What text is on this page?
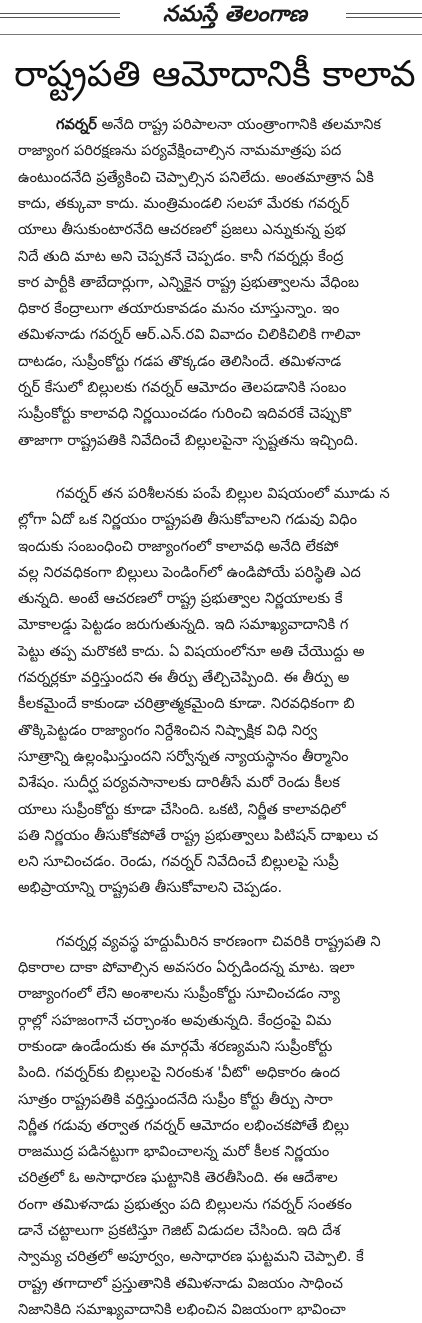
నమస్తే తెలంగాణ
రాష్ట్రపతి ఆమోదానికీ కాలావ
గవర్నర్ అనేది రాష్ట్ర పరిపాలనా యంత్రాంగానికి తలమానిక
రాజ్యాంగ పరిరక్షణను పర్యవేక్షించాల్సిన నామమాత్రపు పద
ఉంటుందనేది ప్రత్యేకించి చెప్పాల్సిన పనిలేదు. అంతమాత్రాన ఏకి
కాదు, తక్కువా కాదు. మంత్రిమండలి సలహా మేరకు గవర్నర్
యాలు తీసుకుంటారనేది ఆచరణలో ప్రజలు ఎన్నుకున్న ప్రభ
నిదే తుది మాట అని చెప్పకనే చెప్పడం. కానీ గవర్నర్లు కేంద్ర
కార పార్టీకి తాబేదార్లుగా, ఎన్నికైన రాష్ట్ర ప్రభుత్వాలను వేధింబ
ధికార కేంద్రాలుగా తయారుకావడం మనం చూస్తున్నాం. ఇం
తమిళనాడు గవర్నర్ ఆర్.ఎన్.రవి వివాదం చిలికిచిలికి గాలివా
దాటడం, సుప్రీంకోర్టు గడప తొక్కడం తెలిసిందే. తమిళనాడ
ర్నర్ కేసులో బిల్లులకు గవర్నర్ ఆమోదం తెలపడానికి సంబం
సుప్రీంకోర్టు కాలావధి నిర్ణయించడం గురించి ఇదివరకే చెప్పుకొ
తాజాగా రాష్ట్రపతికి నివేదించే బిల్లులపైనా స్పష్టతను ఇచ్చింది.
గవర్నర్ తన పరిశీలనకు పంపే బిల్లుల విషయంలో మూడు న
ల్లోగా ఏదో ఒక నిర్ణయం రాష్ట్రపతి తీసుకోవాలని గడువు విధిం
ఇందుకు సంబంధించి రాజ్యాంగంలో కాలావధి అనేది లేకపో
వల్ల నిరవధికంగా బిల్లులు పెండింగ్‌లో ఉండిపోయే పరిస్థితి ఎద
తున్నది. అంటే ఆచరణలో రాష్ట్ర ప్రభుత్వాల నిర్ణయాలకు కే
మోకాలడ్డు పెట్టడం జరుగుతున్నది. ఇది సమాఖ్యవాదానికి గ
పెట్టు తప్ప మరొకటి కాదు. ఏ విషయంలోనూ అతి చేయొద్దు అ
గవర్నర్లకూ వర్తిస్తుందని ఈ తీర్పు తేల్చిచెప్పింది. ఈ తీర్పు అ
కీలకమైందే కాకుండా చరిత్రాత్మకమైంది కూడా. నిరవధికంగా బి
తొక్కిపెట్టడం రాజ్యాంగం నిర్దేశించిన నిష్పాక్షిక విధి నిర్వ
సూత్రాన్ని ఉల్లంఘిస్తుందని సర్వోన్నత న్యాయస్థానం తీర్మానిం
విశేషం. సుదీర్ఘ పర్యవసానాలకు దారితీసే మరో రెండు కీలక
యాలు సుప్రీంకోర్టు కూడా చేసింది. ఒకటి, నిర్ణీత కాలావధిలో
పతి నిర్ణయం తీసుకోకపోతే రాష్ట్ర ప్రభుత్వాలు పిటిషన్ దాఖలు చ
లని సూచించడం. రెండు, గవర్నర్ నివేదించే బిల్లులపై సుప్రీ
అభిప్రాయాన్ని రాష్ట్రపతి తీసుకోవాలని చెప్పడం.
గవర్నర్ల వ్యవస్థ హద్దుమీరిన కారణంగా చివరికి రాష్ట్రపతి ని
ధికారాల దాకా పోవాల్సిన అవసరం ఏర్పడిందన్న మాట. ఇలా
రాజ్యాంగంలో లేని అంశాలను సుప్రీంకోర్టు సూచించడం న్యా
ర్గాల్లో సహజంగానే చర్చాంశం అవుతున్నది. కేంద్రంపై విమ
రాకుండా ఉండేందుకు ఈ మార్గమే శరణ్యమని సుప్రీంకోర్టు
పింది. గవర్నర్‌కు బిల్లులపై నిరంకుశ 'వీటో' అధికారం ఉంద
సూత్రం రాష్ట్రపతికి వర్తిస్తుందనేది సుప్రీం కోర్టు తీర్పు సారా
నిర్ణీత గడువు తర్వాత గవర్నర్ ఆమోదం లభించకపోతే బిల్లు
రాజముద్ర పడినట్టుగా భావించాలన్న మరో కీలక నిర్ణయం
చరిత్రలో ఓ అసాధారణ ఘట్టానికి తెరతీసింది. ఈ ఆదేశాల
రంగా తమిళనాడు ప్రభుత్వం పది బిల్లులను గవర్నర్ సంతకం
డానే చట్టాలుగా ప్రకటిస్తూ గెజిట్ విడుదల చేసింది. ఇది దేశ
స్వామ్య చరిత్రలో అపూర్వం, అసాధారణ ఘట్టమని చెప్పాలి. కే
రాష్ట్ర తగాదాలో ప్రస్తుతానికి తమిళనాడు విజయం సాధించ
నిజానికిది సమాఖ్యవాదానికి లభించిన విజయంగా భావించా
